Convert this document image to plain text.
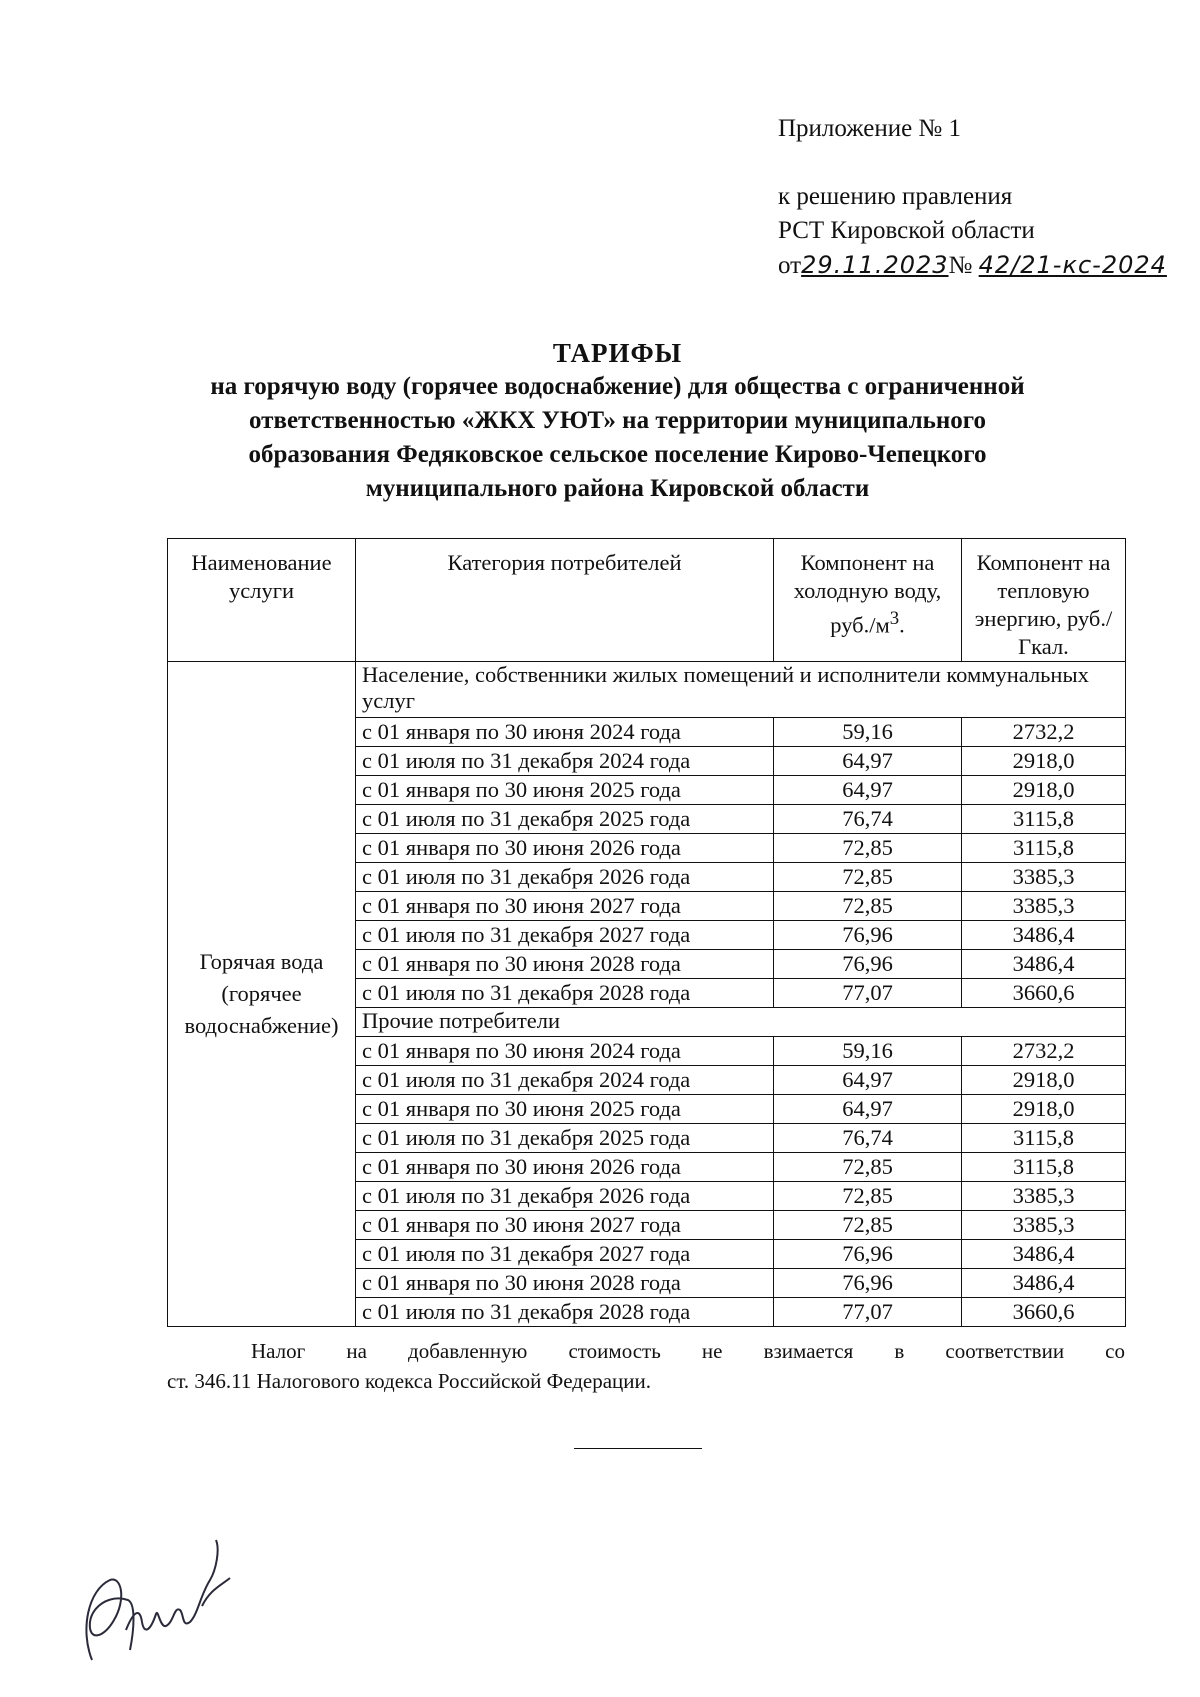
Приложение № 1
к решению правления
РСТ Кировской области
от29.11.2023№ 42/21-кс-2024
ТАРИФЫ
на горячую воду (горячее водоснабжение) для общества с ограниченной
ответственностью «ЖКХ УЮТ» на территории муниципального
образования Федяковское сельское поселение Кирово-Чепецкого
муниципального района Кировской области
Наименование услуги	Категория потребителей	Компонент на холодную воду, $руб./м^3$.	Компонент на тепловую энергию, руб./Гкал.
Горячая вода (горячее водоснабжение)	Население, собственники жилых помещений и исполнители коммунальных услуг		
	с 01 января по 30 июня 2024 года	59,16	2732,2
	с 01 июля по 31 декабря 2024 года	64,97	2918,0
	с 01 января по 30 июня 2025 года	64,97	2918,0
	с 01 июля по 31 декабря 2025 года	76,74	3115,8
	с 01 января по 30 июня 2026 года	72,85	3115,8
	с 01 июля по 31 декабря 2026 года	72,85	3385,3
	с 01 января по 30 июня 2027 года	72,85	3385,3
	с 01 июля по 31 декабря 2027 года	76,96	3486,4
	с 01 января по 30 июня 2028 года	76,96	3486,4
	с 01 июля по 31 декабря 2028 года	77,07	3660,6
	Прочие потребители		
	с 01 января по 30 июня 2024 года	59,16	2732,2
	с 01 июля по 31 декабря 2024 года	64,97	2918,0
	с 01 января по 30 июня 2025 года	64,97	2918,0
	с 01 июля по 31 декабря 2025 года	76,74	3115,8
	с 01 января по 30 июня 2026 года	72,85	3115,8
	с 01 июля по 31 декабря 2026 года	72,85	3385,3
	с 01 января по 30 июня 2027 года	72,85	3385,3
	с 01 июля по 31 декабря 2027 года	76,96	3486,4
	с 01 января по 30 июня 2028 года	76,96	3486,4
	с 01 июля по 31 декабря 2028 года	77,07	3660,6
Налог на добавленную стоимость не взимается в соответствии со
ст. 346.11 Налогового кодекса Российской Федерации.
